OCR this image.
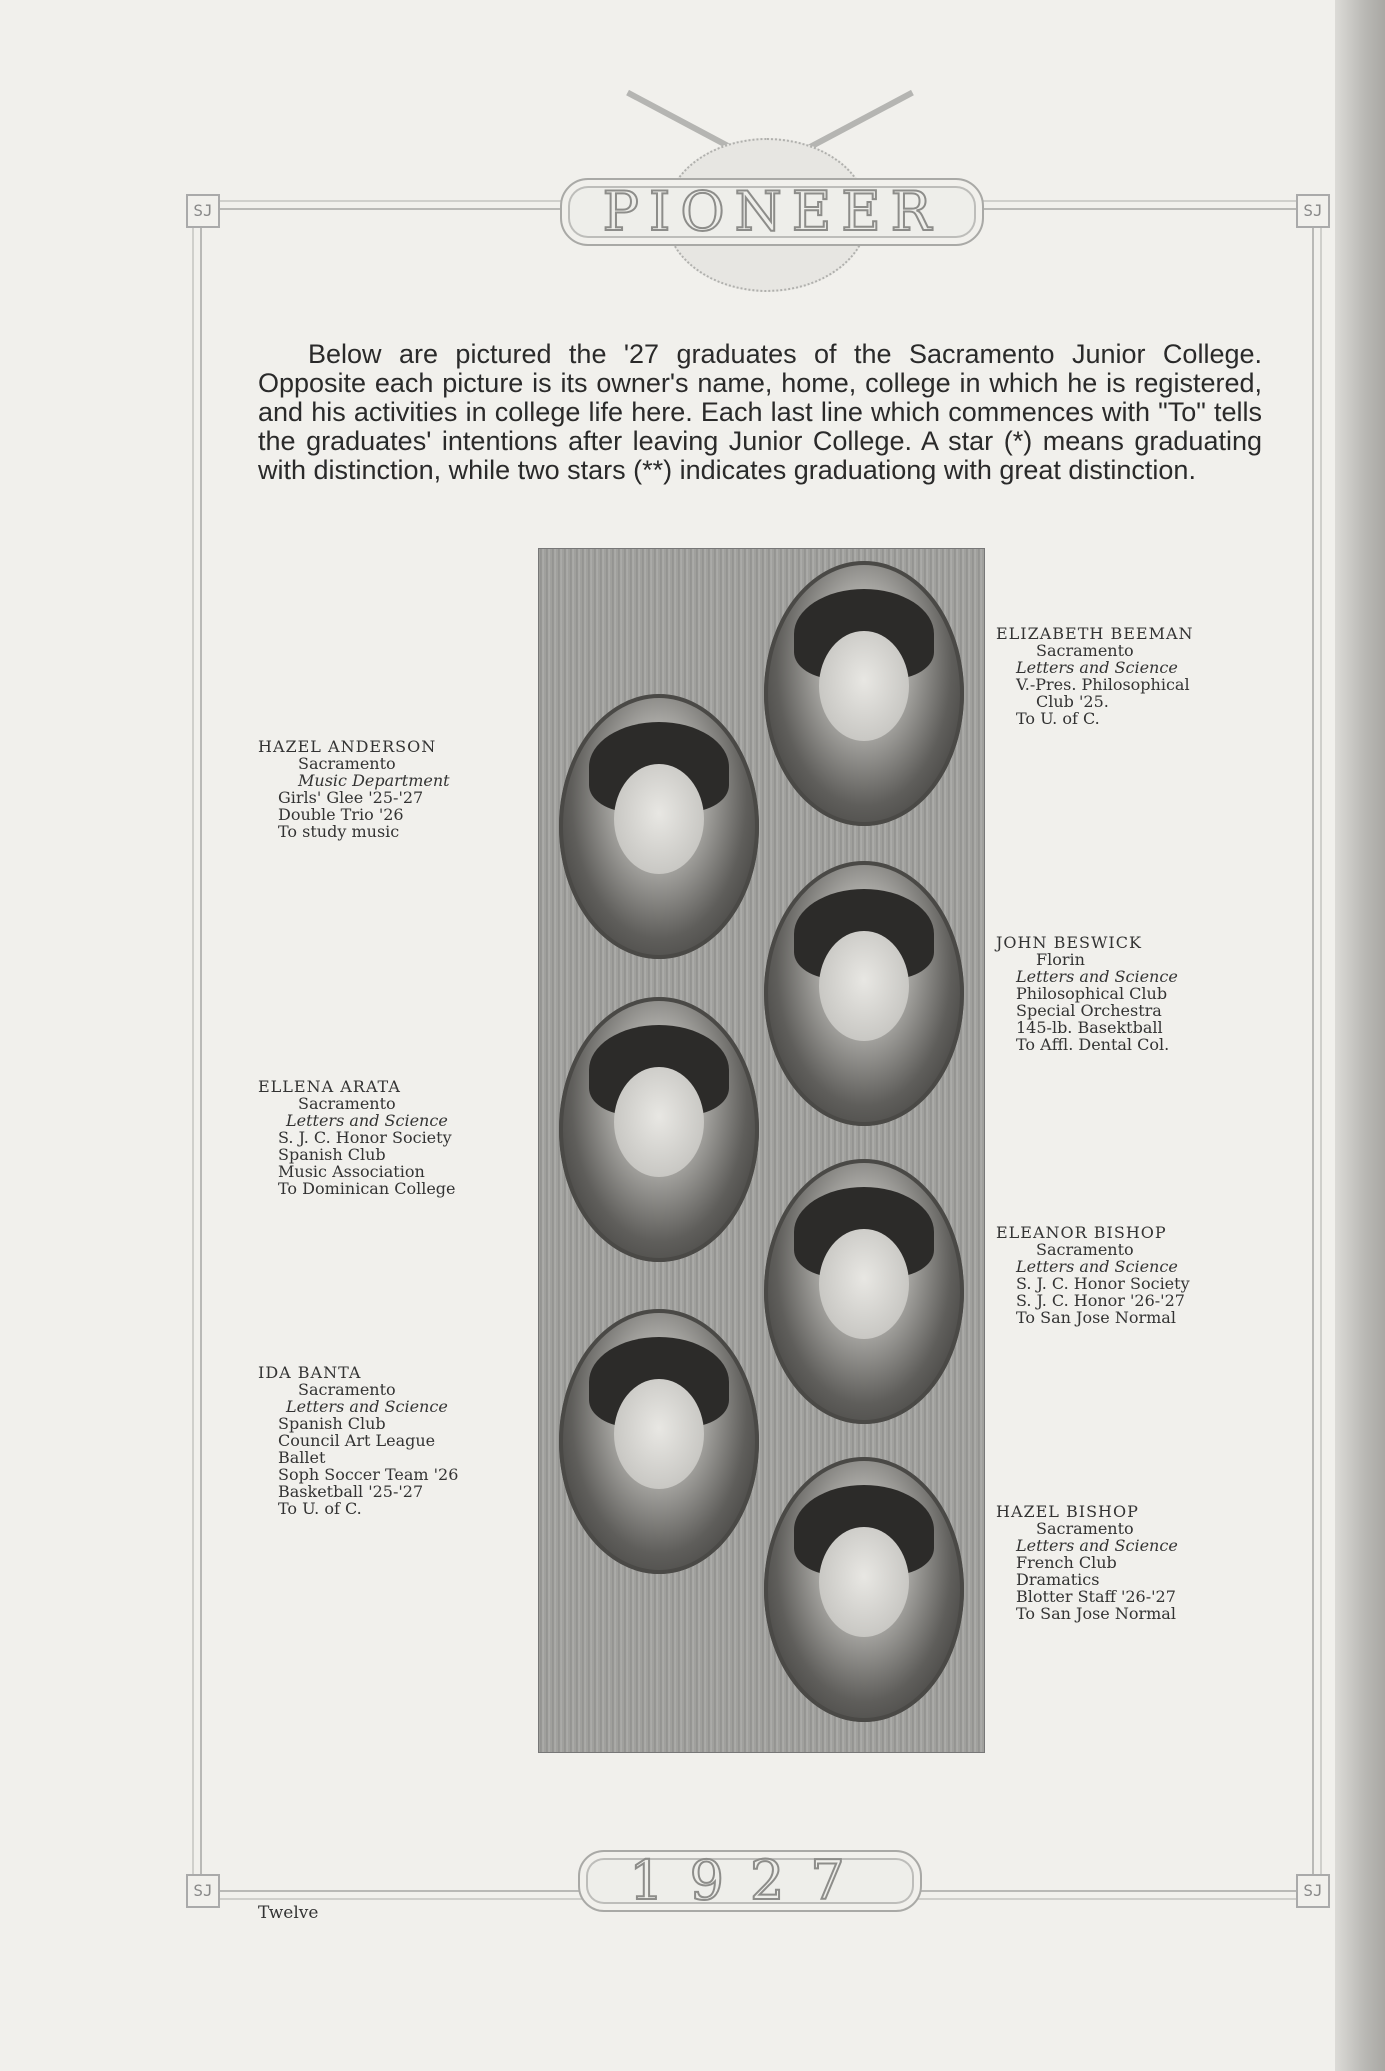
SJ	SJ
SJ	SJ
PIONEER
Below are pictured the '27 graduates of the Sacramento Junior College. Opposite each picture is its owner's name, home, college in which he is registered, and his activities in college life here. Each last line which commences with "To" tells the graduates' intentions after leaving Junior College. A star (*) means graduating with distinction, while two stars (**) indicates graduationg with great distinction.
HAZEL ANDERSON
Sacramento
Music Department
Girls' Glee '25-'27
Double Trio '26
To study music
ELLENA ARATA
Sacramento
Letters and Science
S. J. C. Honor Society
Spanish Club
Music Association
To Dominican College
IDA BANTA
Sacramento
Letters and Science
Spanish Club
Council Art League
Ballet
Soph Soccer Team '26
Basketball '25-'27
To U. of C.
ELIZABETH BEEMAN
Sacramento
Letters and Science
V.-Pres. Philosophical
Club '25.
To U. of C.
JOHN BESWICK
Florin
Letters and Science
Philosophical Club
Special Orchestra
145-lb. Basektball
To Affl. Dental Col.
ELEANOR BISHOP
Sacramento
Letters and Science
S. J. C. Honor Society
S. J. C. Honor '26-'27
To San Jose Normal
HAZEL BISHOP
Sacramento
Letters and Science
French Club
Dramatics
Blotter Staff '26-'27
To San Jose Normal
1927
Twelve
